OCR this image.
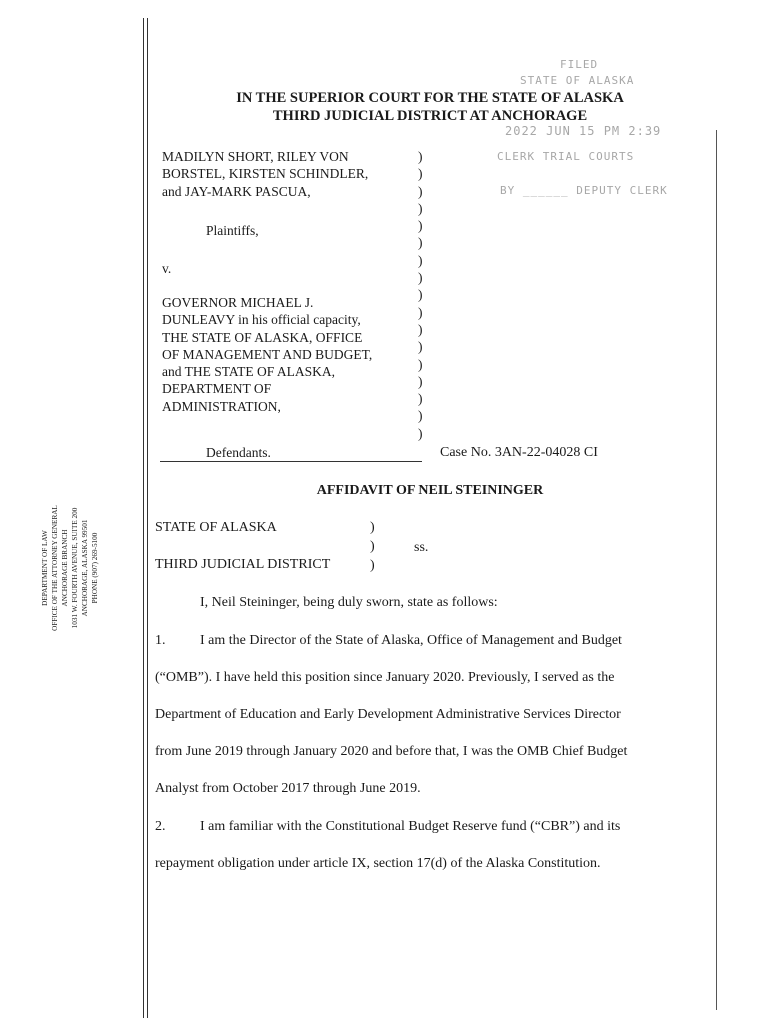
DEPARTMENT OF LAW OFFICE OF THE ATTORNEY GENERAL ANCHORAGE BRANCH 1031 W. FOURTH AVENUE, SUITE 200 ANCHORAGE, ALASKA 99501 PHONE (907) 269-5100
FILED
STATE OF ALASKA
2022 JUN 15 PM 2:39
CLERK TRIAL COURTS
BY ______ DEPUTY CLERK
IN THE SUPERIOR COURT FOR THE STATE OF ALASKA
THIRD JUDICIAL DISTRICT AT ANCHORAGE
MADILYN SHORT, RILEY VON
BORSTEL, KIRSTEN SCHINDLER,
and JAY-MARK PASCUA,
Plaintiffs,
v.
GOVERNOR MICHAEL J.
DUNLEAVY in his official capacity,
THE STATE OF ALASKA, OFFICE
OF MANAGEMENT AND BUDGET,
and THE STATE OF ALASKA,
DEPARTMENT OF
ADMINISTRATION,
Defendants.
)
)
)
)
)
)
)
)
)
)
)
)
)
)
)
)
)
Case No. 3AN-22-04028 CI
AFFIDAVIT OF NEIL STEININGER
STATE OF ALASKA
THIRD JUDICIAL DISTRICT
)
)
)
ss.
I, Neil Steininger, being duly sworn, state as follows:
1. I am the Director of the State of Alaska, Office of Management and Budget
(“OMB”). I have held this position since January 2020. Previously, I served as the
Department of Education and Early Development Administrative Services Director
from June 2019 through January 2020 and before that, I was the OMB Chief Budget
Analyst from October 2017 through June 2019.
2. I am familiar with the Constitutional Budget Reserve fund (“CBR”) and its
repayment obligation under article IX, section 17(d) of the Alaska Constitution.
